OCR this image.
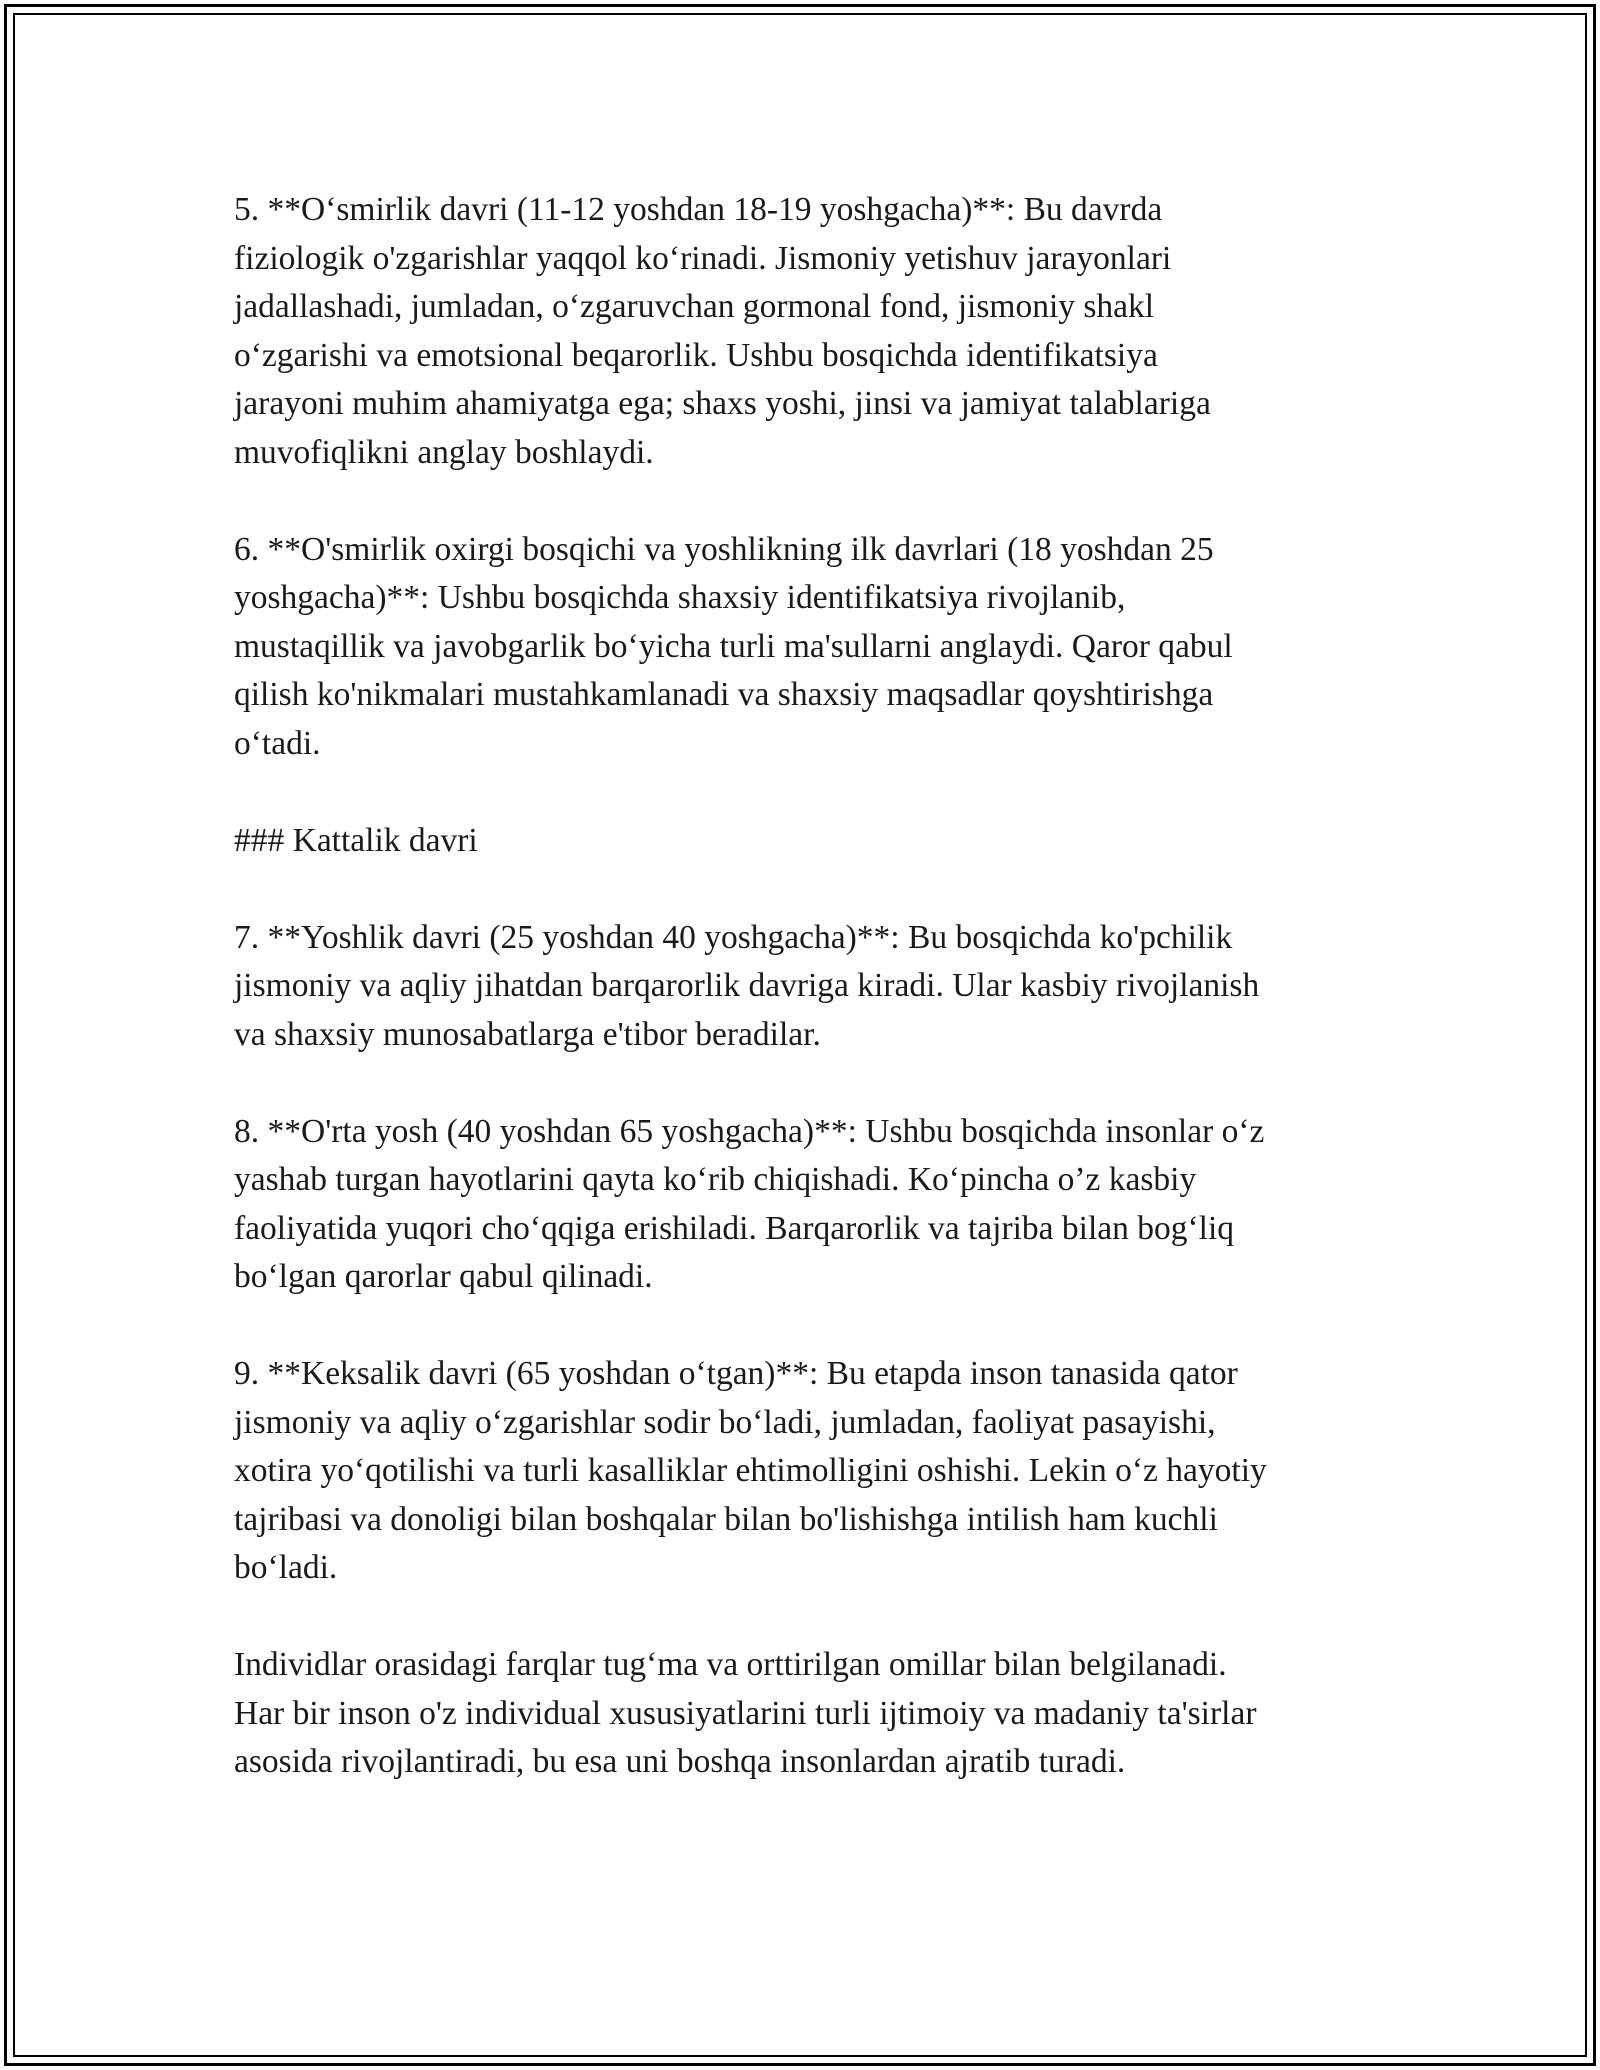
5. **O‘smirlik davri (11-12 yoshdan 18-19 yoshgacha)**: Bu davrda
fiziologik o'zgarishlar yaqqol ko‘rinadi. Jismoniy yetishuv jarayonlari
jadallashadi, jumladan, o‘zgaruvchan gormonal fond, jismoniy shakl
o‘zgarishi va emotsional beqarorlik. Ushbu bosqichda identifikatsiya
jarayoni muhim ahamiyatga ega; shaxs yoshi, jinsi va jamiyat talablariga
muvofiqlikni anglay boshlaydi.

6. **O'smirlik oxirgi bosqichi va yoshlikning ilk davrlari (18 yoshdan 25
yoshgacha)**: Ushbu bosqichda shaxsiy identifikatsiya rivojlanib,
mustaqillik va javobgarlik bo‘yicha turli ma'sullarni anglaydi. Qaror qabul
qilish ko'nikmalari mustahkamlanadi va shaxsiy maqsadlar qoyshtirishga
o‘tadi.

### Kattalik davri

7. **Yoshlik davri (25 yoshdan 40 yoshgacha)**: Bu bosqichda ko'pchilik
jismoniy va aqliy jihatdan barqarorlik davriga kiradi. Ular kasbiy rivojlanish
va shaxsiy munosabatlarga e'tibor beradilar.

8. **O'rta yosh (40 yoshdan 65 yoshgacha)**: Ushbu bosqichda insonlar o‘z
yashab turgan hayotlarini qayta ko‘rib chiqishadi. Ko‘pincha o’z kasbiy
faoliyatida yuqori cho‘qqiga erishiladi. Barqarorlik va tajriba bilan bog‘liq
bo‘lgan qarorlar qabul qilinadi.

9. **Keksalik davri (65 yoshdan o‘tgan)**: Bu etapda inson tanasida qator
jismoniy va aqliy o‘zgarishlar sodir bo‘ladi, jumladan, faoliyat pasayishi,
xotira yo‘qotilishi va turli kasalliklar ehtimolligini oshishi. Lekin o‘z hayotiy
tajribasi va donoligi bilan boshqalar bilan bo'lishishga intilish ham kuchli
bo‘ladi.

Individlar orasidagi farqlar tug‘ma va orttirilgan omillar bilan belgilanadi.
Har bir inson o'z individual xususiyatlarini turli ijtimoiy va madaniy ta'sirlar
asosida rivojlantiradi, bu esa uni boshqa insonlardan ajratib turadi.
